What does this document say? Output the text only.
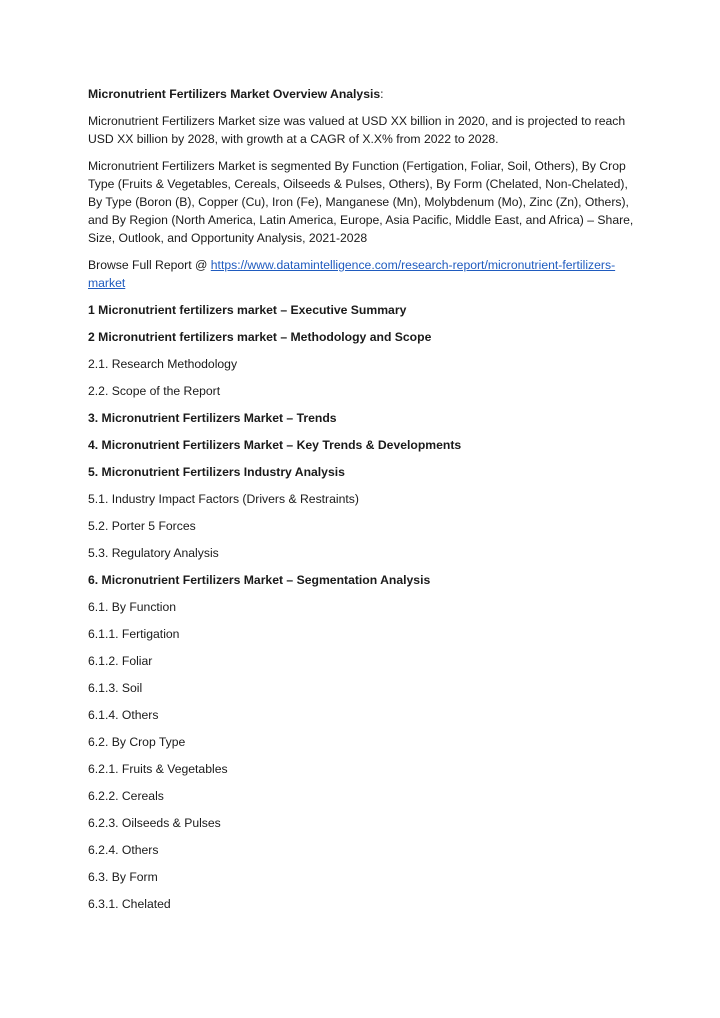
Micronutrient Fertilizers Market Overview Analysis:

Micronutrient Fertilizers Market size was valued at USD XX billion in 2020, and is projected to reach USD XX billion by 2028, with growth at a CAGR of X.X% from 2022 to 2028.

Micronutrient Fertilizers Market is segmented By Function (Fertigation, Foliar, Soil, Others), By Crop Type (Fruits & Vegetables, Cereals, Oilseeds & Pulses, Others), By Form (Chelated, Non-Chelated), By Type (Boron (B), Copper (Cu), Iron (Fe), Manganese (Mn), Molybdenum (Mo), Zinc (Zn), Others), and By Region (North America, Latin America, Europe, Asia Pacific, Middle East, and Africa) – Share, Size, Outlook, and Opportunity Analysis, 2021-2028

Browse Full Report @ https://www.datamintelligence.com/research-report/micronutrient-fertilizers-market

1 Micronutrient fertilizers market – Executive Summary

2 Micronutrient fertilizers market – Methodology and Scope

2.1. Research Methodology

2.2. Scope of the Report

3. Micronutrient Fertilizers Market – Trends

4. Micronutrient Fertilizers Market – Key Trends & Developments

5. Micronutrient Fertilizers Industry Analysis

5.1. Industry Impact Factors (Drivers & Restraints)

5.2. Porter 5 Forces

5.3. Regulatory Analysis

6. Micronutrient Fertilizers Market – Segmentation Analysis

6.1. By Function

6.1.1. Fertigation

6.1.2. Foliar

6.1.3. Soil

6.1.4. Others

6.2. By Crop Type

6.2.1. Fruits & Vegetables

6.2.2. Cereals

6.2.3. Oilseeds & Pulses

6.2.4. Others

6.3. By Form

6.3.1. Chelated
